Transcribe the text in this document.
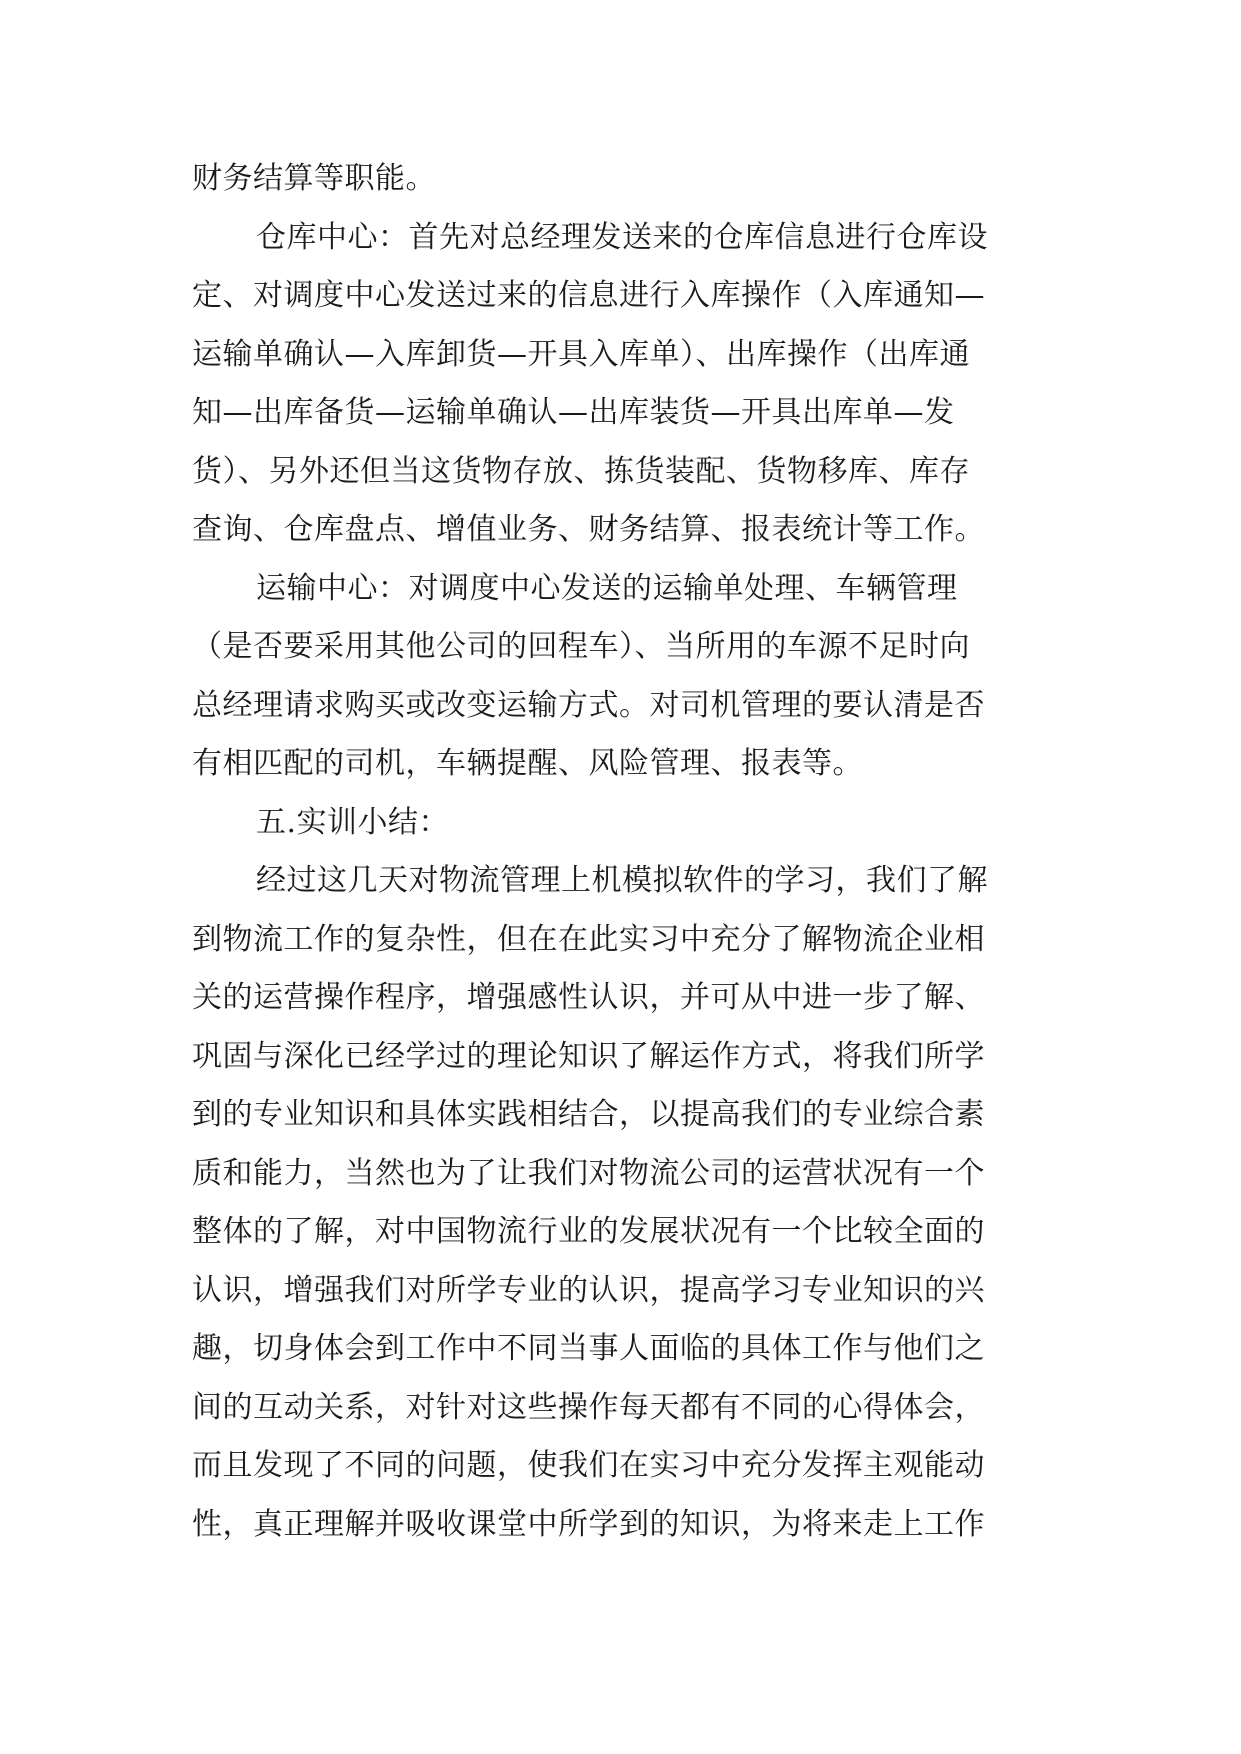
财务结算等职能。
仓库中心：首先对总经理发送来的仓库信息进行仓库设
定、对调度中心发送过来的信息进行入库操作（入库通知—
运输单确认—入库卸货—开具入库单）、出库操作（出库通
知—出库备货—运输单确认—出库装货—开具出库单—发
货）、另外还但当这货物存放、拣货装配、货物移库、库存
查询、仓库盘点、增值业务、财务结算、报表统计等工作。
运输中心：对调度中心发送的运输单处理、车辆管理
（是否要采用其他公司的回程车）、当所用的车源不足时向
总经理请求购买或改变运输方式。对司机管理的要认清是否
有相匹配的司机，车辆提醒、风险管理、报表等。
五.实训小结：
经过这几天对物流管理上机模拟软件的学习，我们了解
到物流工作的复杂性，但在在此实习中充分了解物流企业相
关的运营操作程序，增强感性认识，并可从中进一步了解、
巩固与深化已经学过的理论知识了解运作方式，将我们所学
到的专业知识和具体实践相结合，以提高我们的专业综合素
质和能力，当然也为了让我们对物流公司的运营状况有一个
整体的了解，对中国物流行业的发展状况有一个比较全面的
认识，增强我们对所学专业的认识，提高学习专业知识的兴
趣，切身体会到工作中不同当事人面临的具体工作与他们之
间的互动关系，对针对这些操作每天都有不同的心得体会，
而且发现了不同的问题，使我们在实习中充分发挥主观能动
性，真正理解并吸收课堂中所学到的知识，为将来走上工作
